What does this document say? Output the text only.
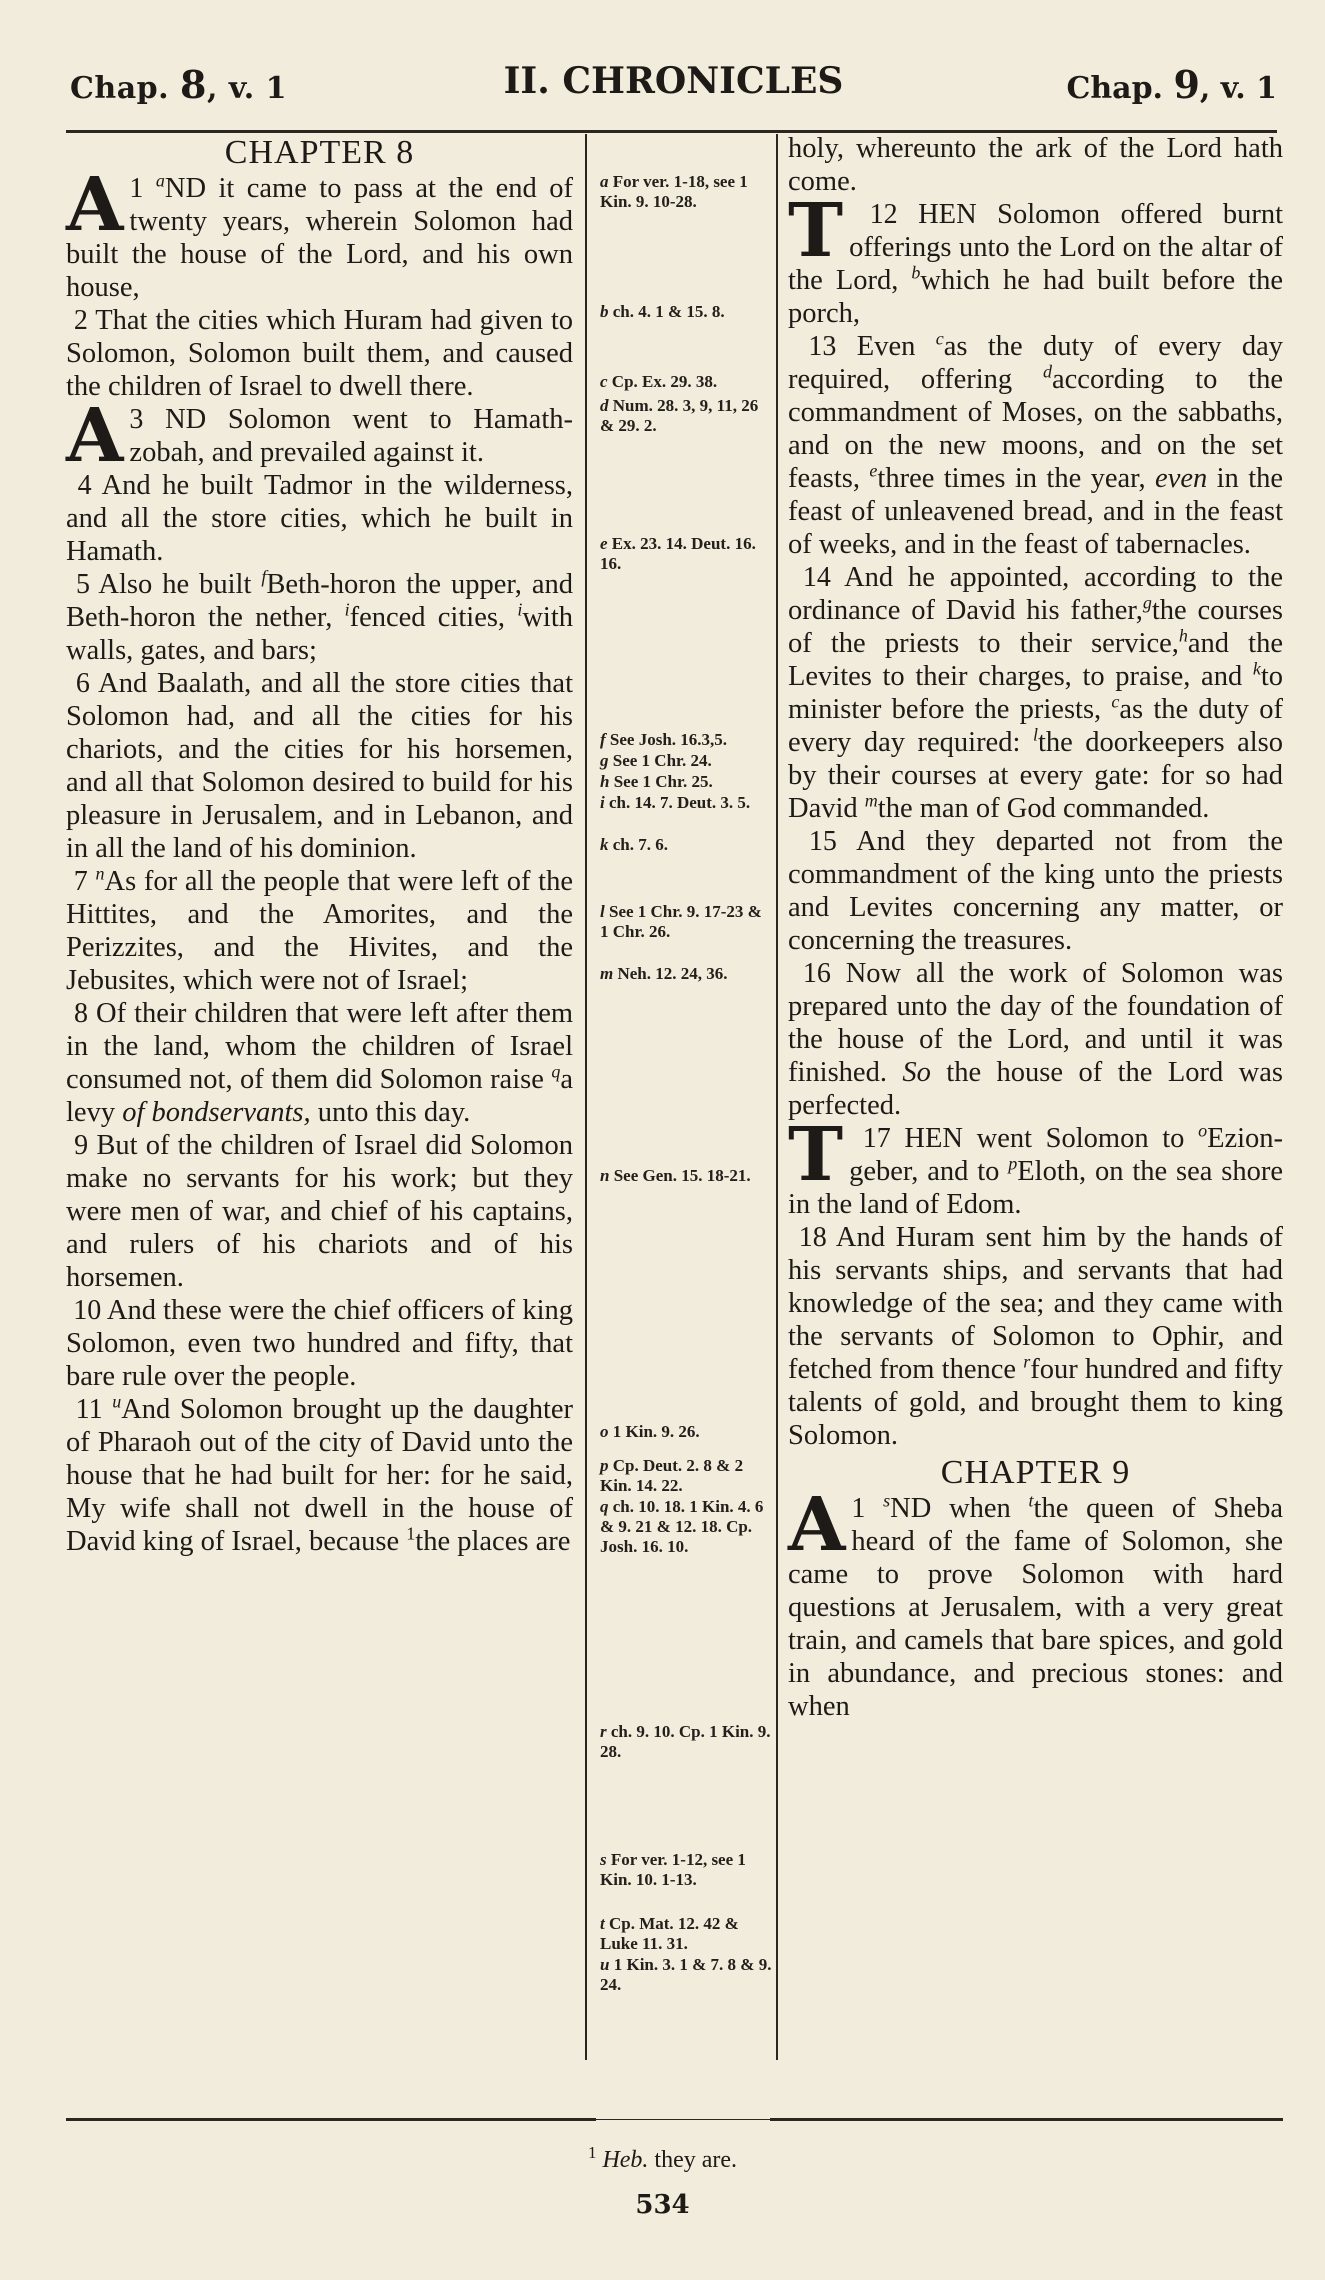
Chap. 8, v. 1	II. CHRONICLES	Chap. 9, v. 1
CHAPTER 8
1 $^a$
A ND it came to pass at the end of twenty years, wherein Solomon had built the house of the Lord, and his own house,
2 That the cities which Huram had given to Solomon, Solomon built them, and caused the children of Israel to dwell there.
3
A ND Solomon went to Hamath-zobah, and prevailed against it.
4 And he built Tadmor in the wilderness, and all the store cities, which he built in Hamath.
5 Also he built $^f$Beth-horon the upper, and Beth-horon the nether, $^i$fenced cities, $^i$with walls, gates, and bars;
6 And Baalath, and all the store cities that Solomon had, and all the cities for his chariots, and the cities for his horsemen, and all that Solomon desired to build for his pleasure in Jerusalem, and in Lebanon, and in all the land of his dominion.
7 $^n$As for all the people that were left of the Hittites, and the Amorites, and the Perizzites, and the Hivites, and the Jebusites, which were not of Israel;
8 Of their children that were left after them in the land, whom the children of Israel consumed not, of them did Solomon raise $^q$a levy of bondservants, unto this day.
9 But of the children of Israel did Solomon make no servants for his work; but they were men of war, and chief of his captains, and rulers of his chariots and of his horsemen.
10 And these were the chief officers of king Solomon, even two hundred and fifty, that bare rule over the people.
11 $^u$And Solomon brought up the daughter of Pharaoh out of the city of David unto the house that he had built for her: for he said, My wife shall not dwell in the house of David king of Israel, because $^1$the places are
a For ver. 1-18, see 1 Kin. 9. 10-28.
b ch. 4. 1 & 15. 8.
c Cp. Ex. 29. 38.
d Num. 28. 3, 9, 11, 26 & 29. 2.
e Ex. 23. 14. Deut. 16. 16.
f See Josh. 16.3,5.
g See 1 Chr. 24.
h See 1 Chr. 25.
i ch. 14. 7. Deut. 3. 5.
k ch. 7. 6.
l See 1 Chr. 9. 17-23 & 1 Chr. 26.
m Neh. 12. 24, 36.
n See Gen. 15. 18-21.
o 1 Kin. 9. 26.
p Cp. Deut. 2. 8 & 2 Kin. 14. 22.
q ch. 10. 18. 1 Kin. 4. 6 & 9. 21 & 12. 18. Cp. Josh. 16. 10.
r ch. 9. 10. Cp. 1 Kin. 9. 28.
s For ver. 1-12, see 1 Kin. 10. 1-13.
t Cp. Mat. 12. 42 & Luke 11. 31.
u 1 Kin. 3. 1 & 7. 8 & 9. 24.
holy, whereunto the ark of the Lord hath come.
12
T	HEN Solomon offered burnt offerings unto the Lord on the altar of the Lord, $^b$which he had built before the porch,
13 Even $^c$as the duty of every day required, offering $^d$according to the commandment of Moses, on the sabbaths, and on the new moons, and on the set feasts, $^e$three times in the year, even in the feast of unleavened bread, and in the feast of weeks, and in the feast of tabernacles.
14 And he appointed, according to the ordinance of David his father,$^g$the courses of the priests to their service,$^h$and the Levites to their charges, to praise, and $^k$to minister before the priests, $^c$as the duty of every day required: $^l$the doorkeepers also by their courses at every gate: for so had David $^m$the man of God commanded.
15 And they departed not from the commandment of the king unto the priests and Levites concerning any matter, or concerning the treasures.
16 Now all the work of Solomon was prepared unto the day of the foundation of the house of the Lord, and until it was finished. So the house of the Lord was perfected.
17
T HEN went Solomon to $^o$Ezion-geber, and to $^p$Eloth, on the sea shore in the land of Edom.
18 And Huram sent him by the hands of his servants ships, and servants that had knowledge of the sea; and they came with the servants of Solomon to Ophir, and fetched from thence $^r$four hundred and fifty talents of gold, and brought them to king Solomon.
CHAPTER 9
1 $^s$
A ND when $^t$the queen of Sheba heard of the fame of Solomon, she came to prove Solomon with hard questions at Jerusalem, with a very great train, and camels that bare spices, and gold in abundance, and precious stones: and when
$^1$ Heb. they are.
534
